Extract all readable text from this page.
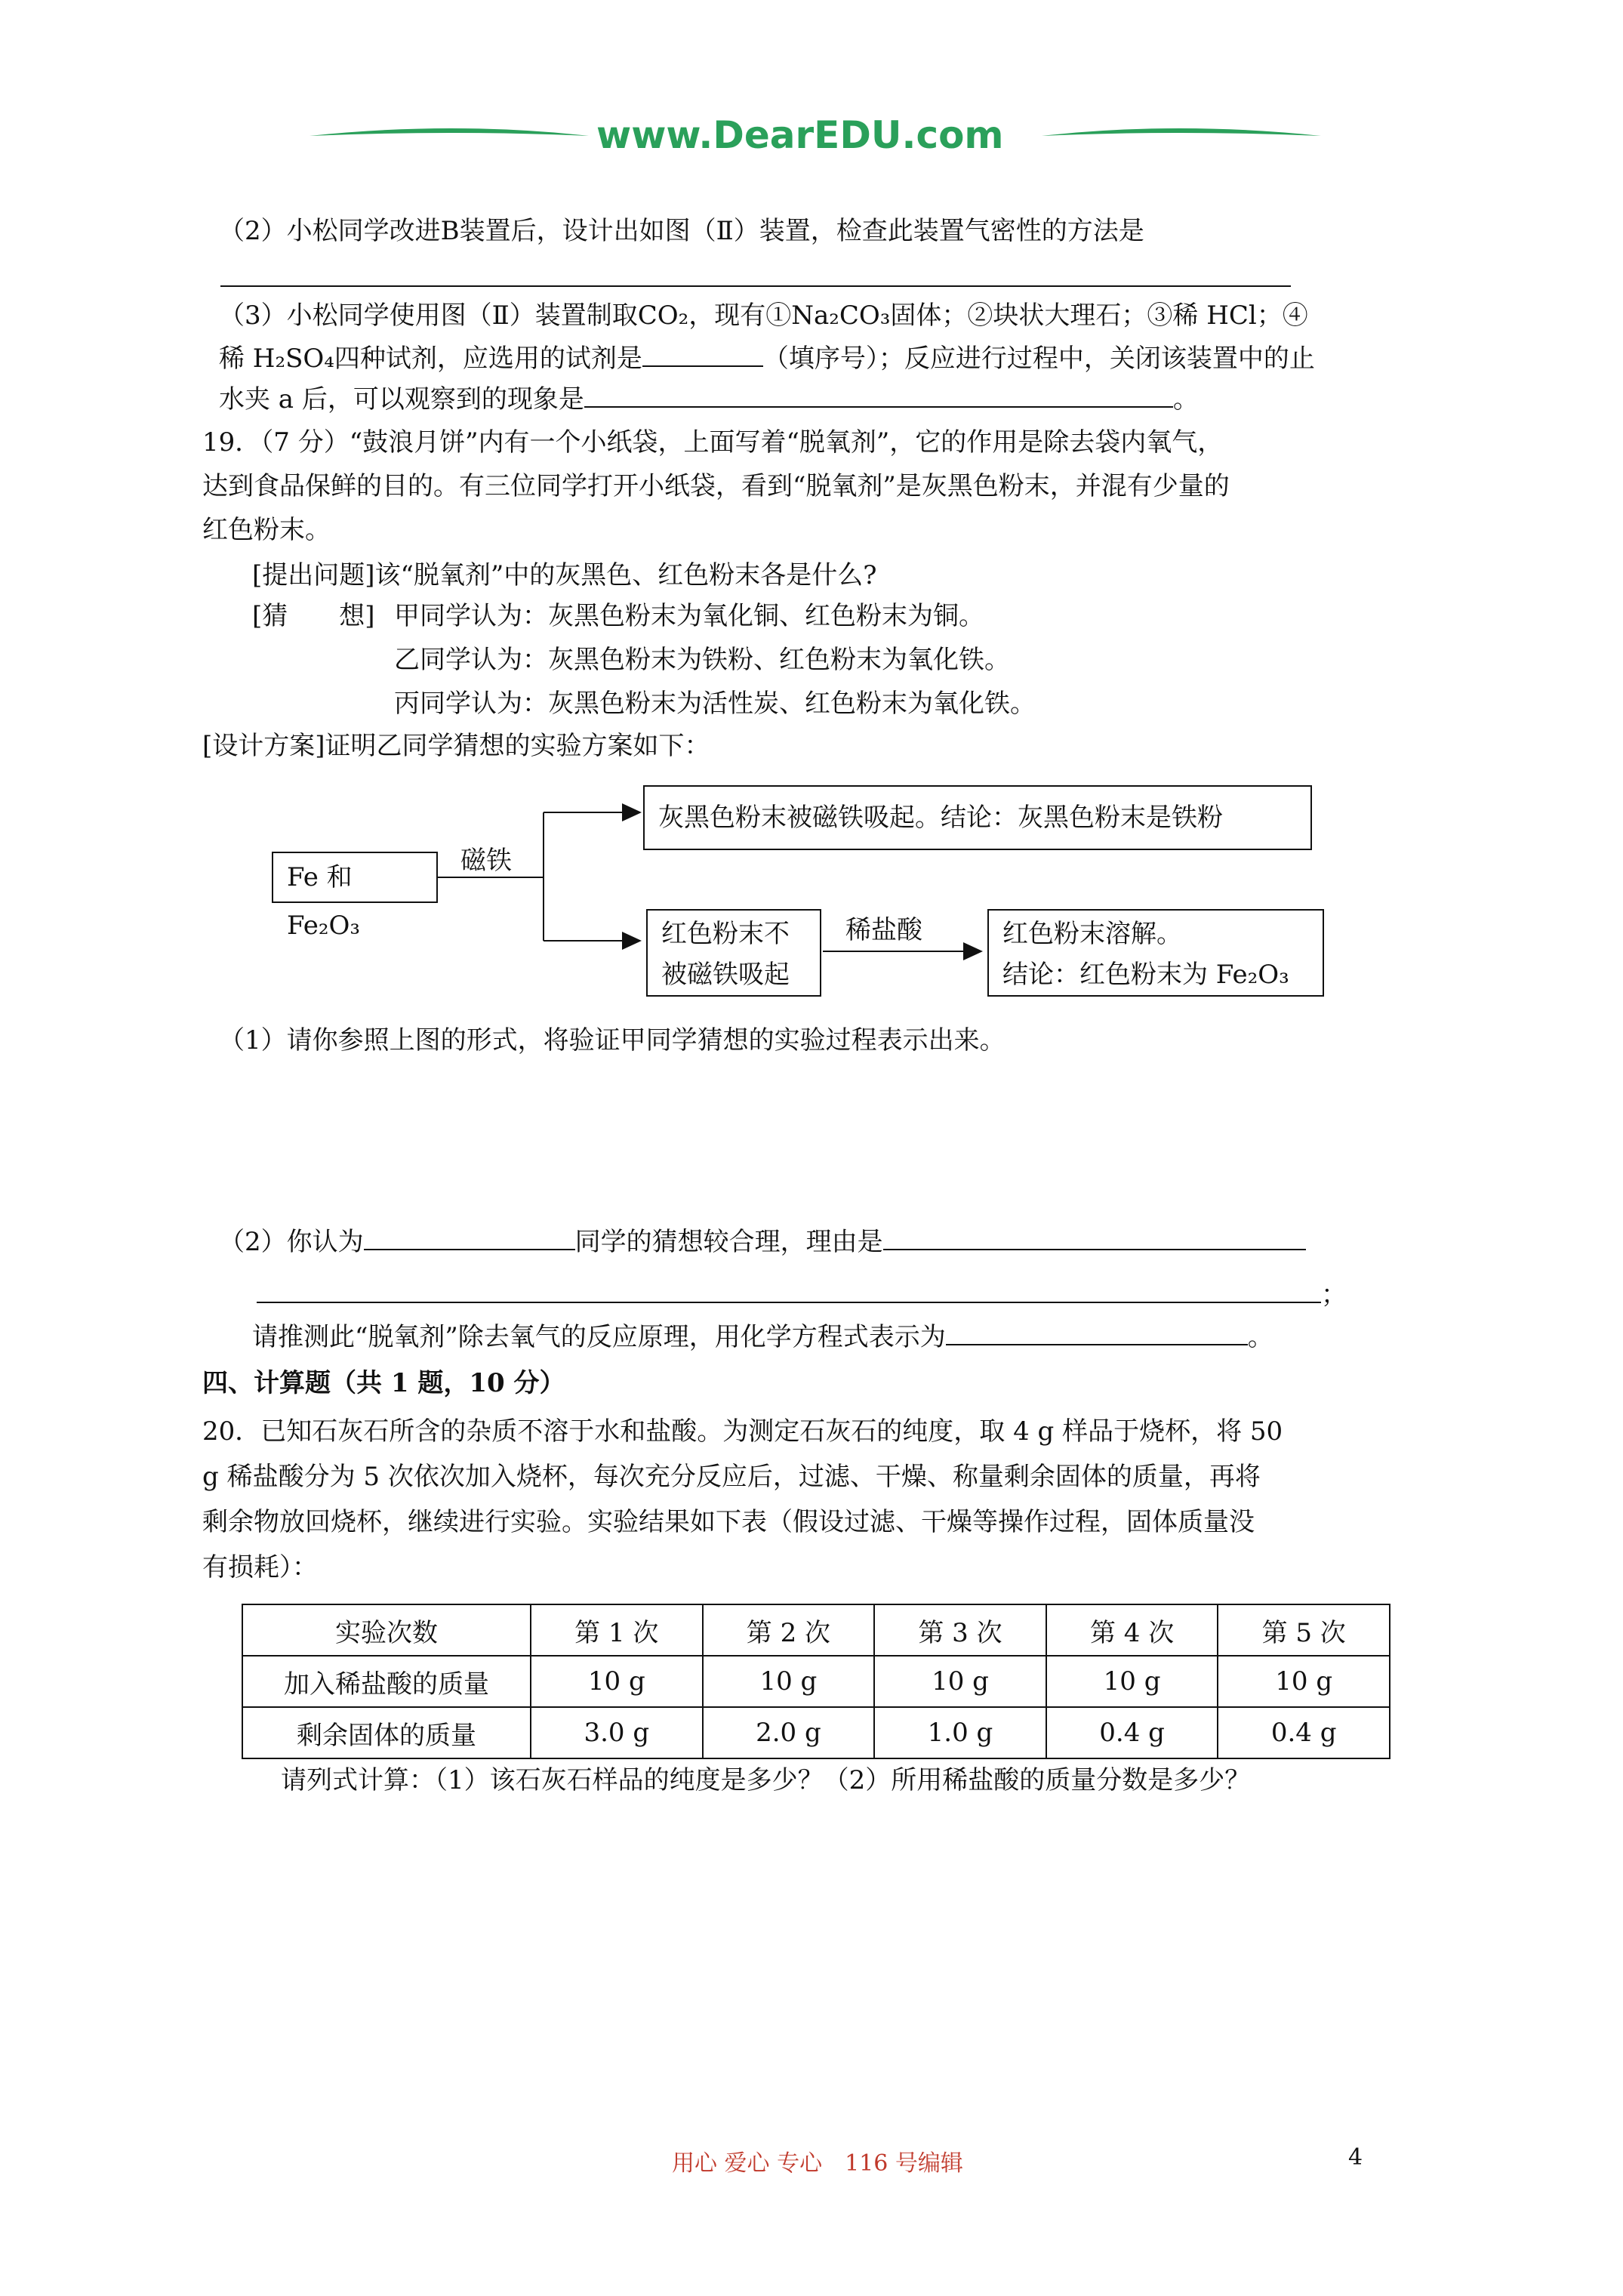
www.DearEDU.com
（2）小松同学改进B装置后，设计出如图（Ⅱ）装置，检查此装置气密性的方法是
（3）小松同学使用图（Ⅱ）装置制取CO₂，现有①Na₂CO₃固体；②块状大理石；③稀 HCl；④
稀 H₂SO₄四种试剂，应选用的试剂是	（填序号）；反应进行过程中，关闭该装置中的止
水夹 a 后，可以观察到的现象是	。
19．（7 分）“鼓浪月饼”内有一个小纸袋，上面写着“脱氧剂”，它的作用是除去袋内氧气，
达到食品保鲜的目的。有三位同学打开小纸袋，看到“脱氧剂”是灰黑色粉末，并混有少量的
红色粉末。
[提出问题]该“脱氧剂”中的灰黑色、红色粉末各是什么?
[猜　　想] 甲同学认为：灰黑色粉末为氧化铜、红色粉末为铜。
乙同学认为：灰黑色粉末为铁粉、红色粉末为氧化铁。
丙同学认为：灰黑色粉末为活性炭、红色粉末为氧化铁。
[设计方案]证明乙同学猜想的实验方案如下：
Fe 和 Fe₂O₃
磁铁
灰黑色粉末被磁铁吸起。结论：灰黑色粉末是铁粉
红色粉末不
被磁铁吸起
稀盐酸	红色粉末溶解。
结论：红色粉末为 Fe₂O₃
（1）请你参照上图的形式，将验证甲同学猜想的实验过程表示出来。
（2）你认为	同学的猜想较合理，理由是
；
请推测此“脱氧剂”除去氧气的反应原理，用化学方程式表示为	。
四、计算题（共 1 题，10 分）
20．已知石灰石所含的杂质不溶于水和盐酸。为测定石灰石的纯度，取 4 g 样品于烧杯，将 50
g 稀盐酸分为 5 次依次加入烧杯，每次充分反应后，过滤、干燥、称量剩余固体的质量，再将
剩余物放回烧杯，继续进行实验。实验结果如下表（假设过滤、干燥等操作过程，固体质量没
有损耗）：
实验次数	第 1 次	第 2 次	第 3 次	第 4 次	第 5 次
加入稀盐酸的质量	10 g	10 g	10 g	10 g	10 g
剩余固体的质量	3.0 g	2.0 g	1.0 g	0.4 g	0.4 g
请列式计算：（1）该石灰石样品的纯度是多少？（2）所用稀盐酸的质量分数是多少？
用心 爱心 专心　116 号编辑	4
